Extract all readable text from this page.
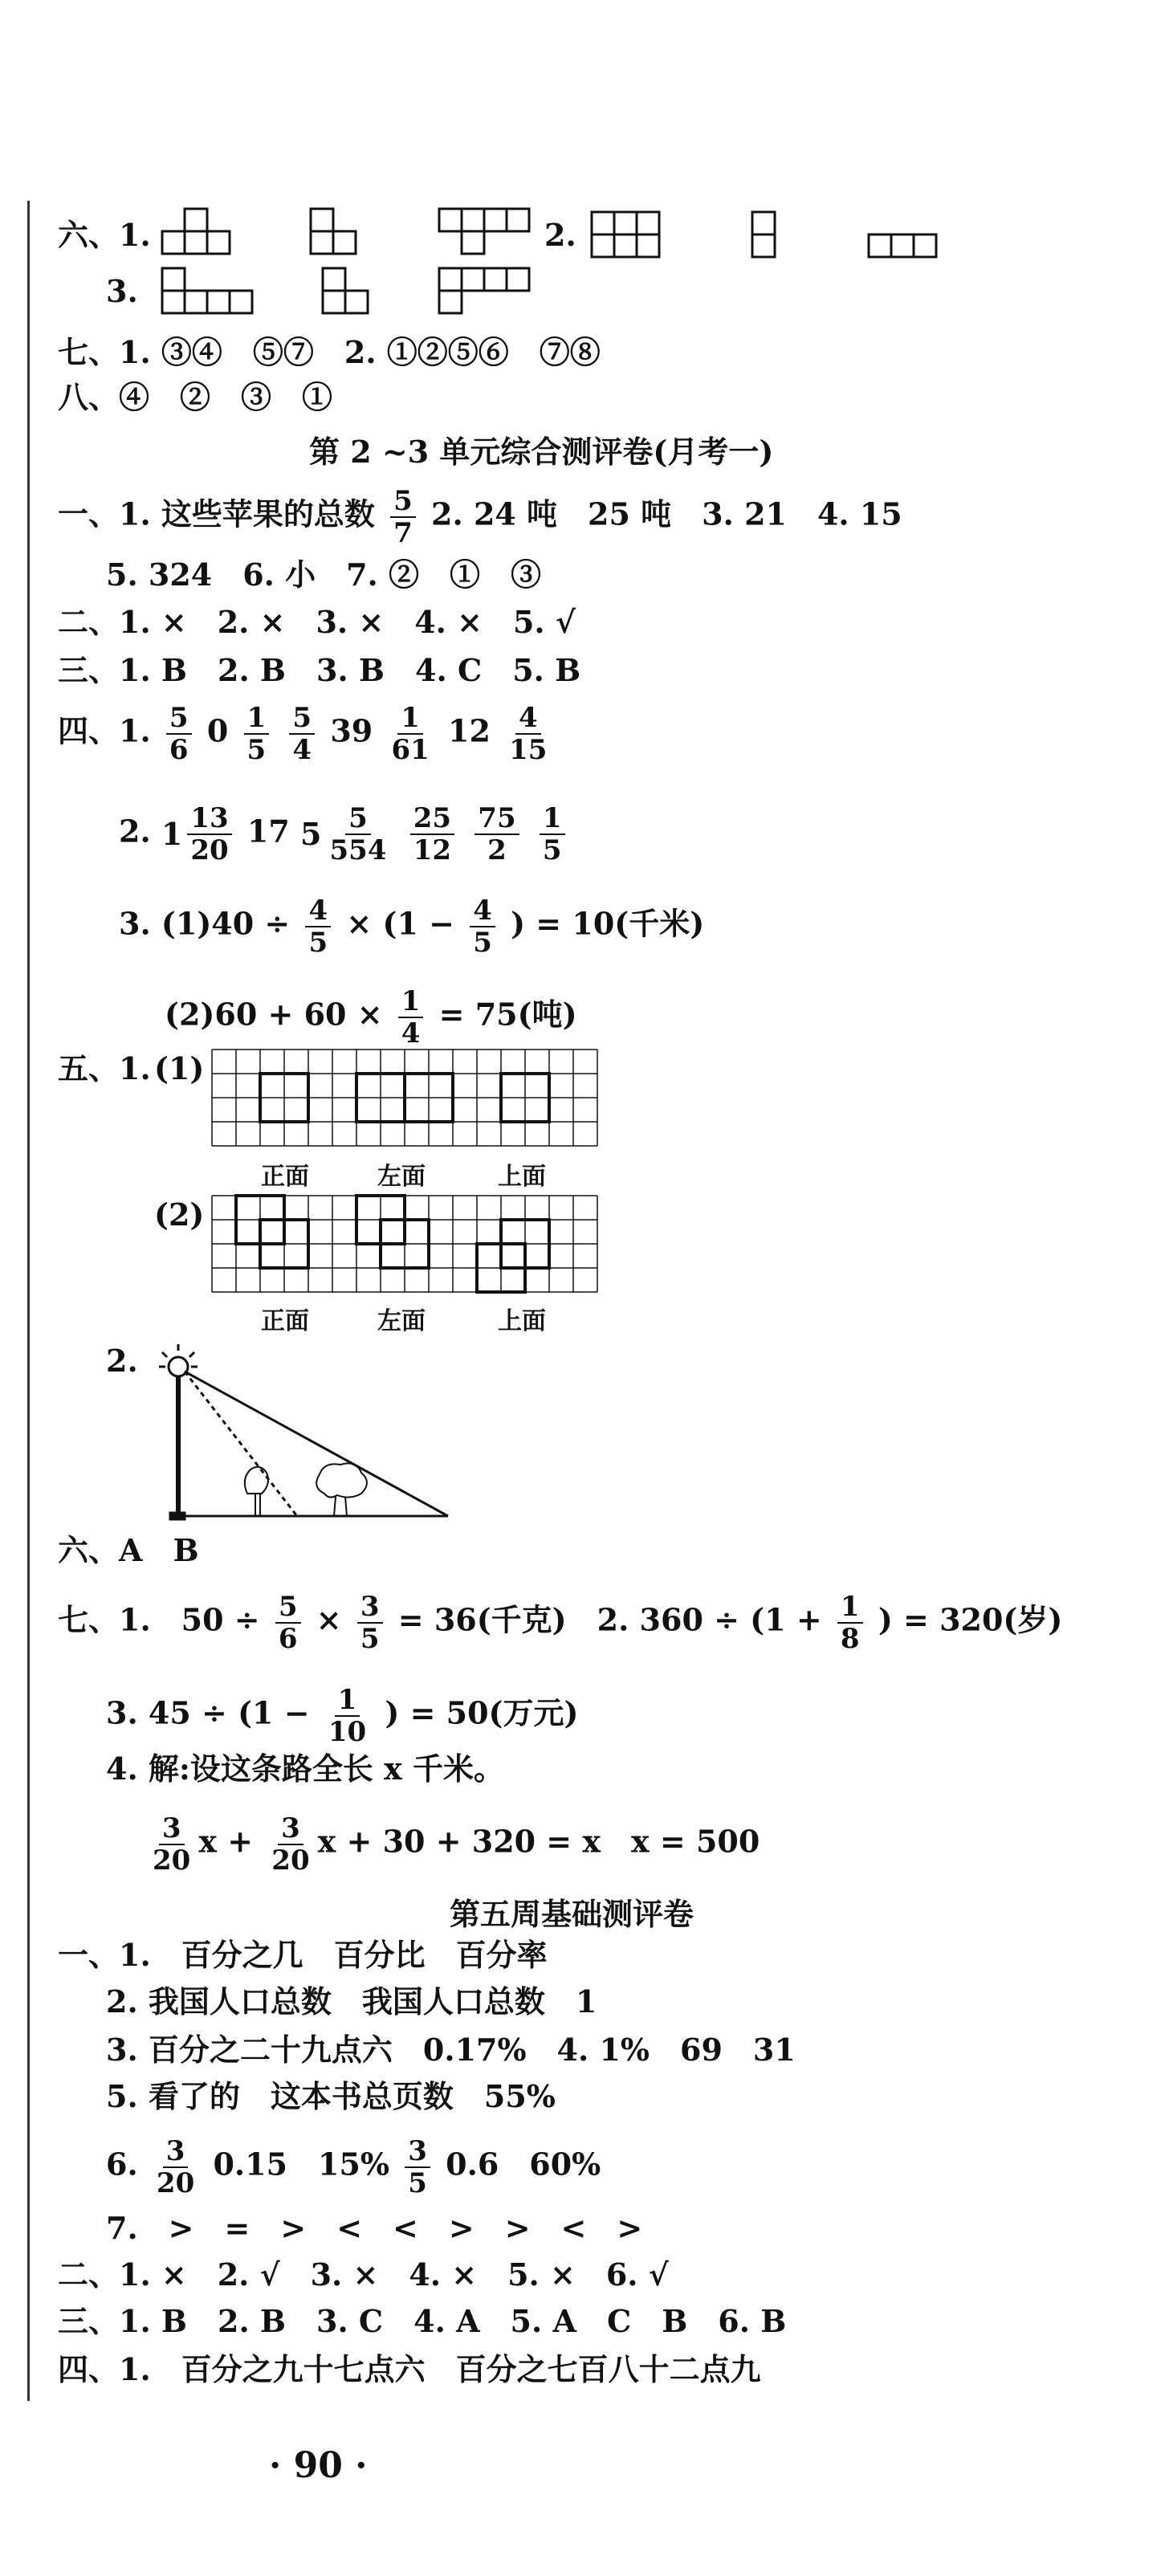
六、1.	2.
3.
七、1. ③④　⑤⑦　2. ①②⑤⑥　⑦⑧
八、④　②　③　①
第 2 ~3 单元综合测评卷(月考一)
一、1. 这些苹果的总数 $\frac{5}{7} 2$. 24 吨　25 吨　3. 21　4. 15
5. 324　6. 小　7. ②　①　③
二、1. ×　2. ×　3. ×　4. ×　5. √
三、1. B　2. B　3. B　4. C　5. B
四、1. $\frac{5}{6} 0 \frac{1}{5}$
$\frac{5}{4} 39 \frac{1}{61} 12 \frac{4}{15}$
2. $1 \frac{13}{20} 17$ $5 \frac{5}{554}$
$\frac{25}{12}$
$\frac{75}{2}$
$\frac{1}{5}$
3. $(1)40 \div \frac{4}{5} \times (1 - \frac{4}{5}$ ) = 10(千米)
$(2)60 + 60 \times \frac{1}{4} = 75$(吨)
五、1. (1)
正面	左面	上面
(2)
正面	左面	上面
2.
六、A　B
七、1.　$50 \div \frac{5}{6} \times \frac{3}{5} = 36$(千克)　2. $360 \div (1 + \frac{1}{8}$ ) = 320(岁)
3. $45 \div (1 - \frac{1}{10}$ ) = 50(万元)
4. 解:设这条路全长 x 千米。
$\frac{3}{20}$ $x + \frac{3}{20}$ x + 30 + 320 = x　x = 500
第五周基础测评卷
一、1.　百分之几　百分比　百分率
2. 我国人口总数　我国人口总数　1
3. 百分之二十九点六　0.17%　4. 1%　69　31
5. 看了的　这本书总页数　55%
6. $\frac{3}{20} 0.15$　$15\% \frac{3}{5} 0.6$　60%
7.　>　=　>　<　<　>　>　<　>
二、1. ×　2. √　3. ×　4. ×　5. ×　6. √
三、1. B　2. B　3. C　4. A　5. A　C　B　6. B
四、1.　百分之九十七点六　百分之七百八十二点九
· 90 ·
